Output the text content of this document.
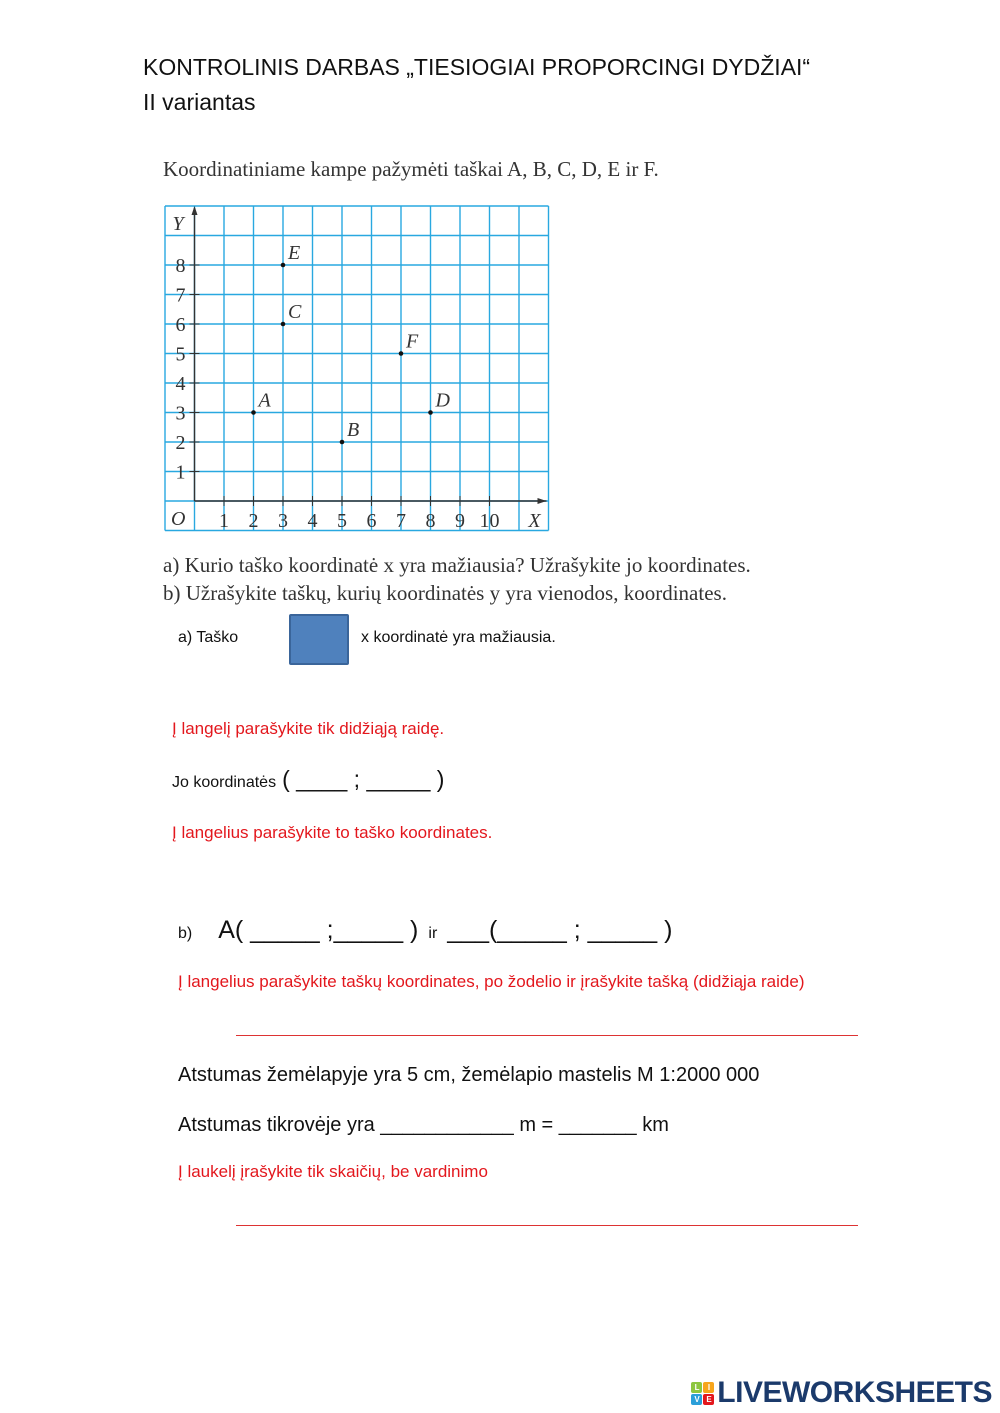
KONTROLINIS DARBAS „TIESIOGIAI PROPORCINGI DYDŽIAI“
II variantas
Koordinatiniame kampe pažymėti taškai A, B, C, D, E ir F.
1 2 3 4 5 6 7 8 9 10
1
2
3
4
5
6
7
8
O	X
Y
A
B
C
D
E
F
a) Kurio taško koordinatė x yra mažiausia? Užrašykite jo koordinates.
b) Užrašykite taškų, kurių koordinatės y yra vienodos, koordinates.
a) Taško	x koordinatė yra mažiausia.
Į langelį parašykite tik didžiąją raidę.
Jo koordinatės ( ____ ; _____ )
Į langelius parašykite to taško koordinates.
b) A( _____ ;_____ ) ir ___(_____ ; _____ )
Į langelius parašykite taškų koordinates, po žodelio ir įrašykite tašką (didžiąja raide)
Atstumas žemėlapyje yra 5 cm, žemėlapio mastelis M 1:2000 000
Atstumas tikrovėje yra ____________ m = _______ km
Į laukelį įrašykite tik skaičių, be vardinimo
L	I
V E LIVEWORKSHEETS
